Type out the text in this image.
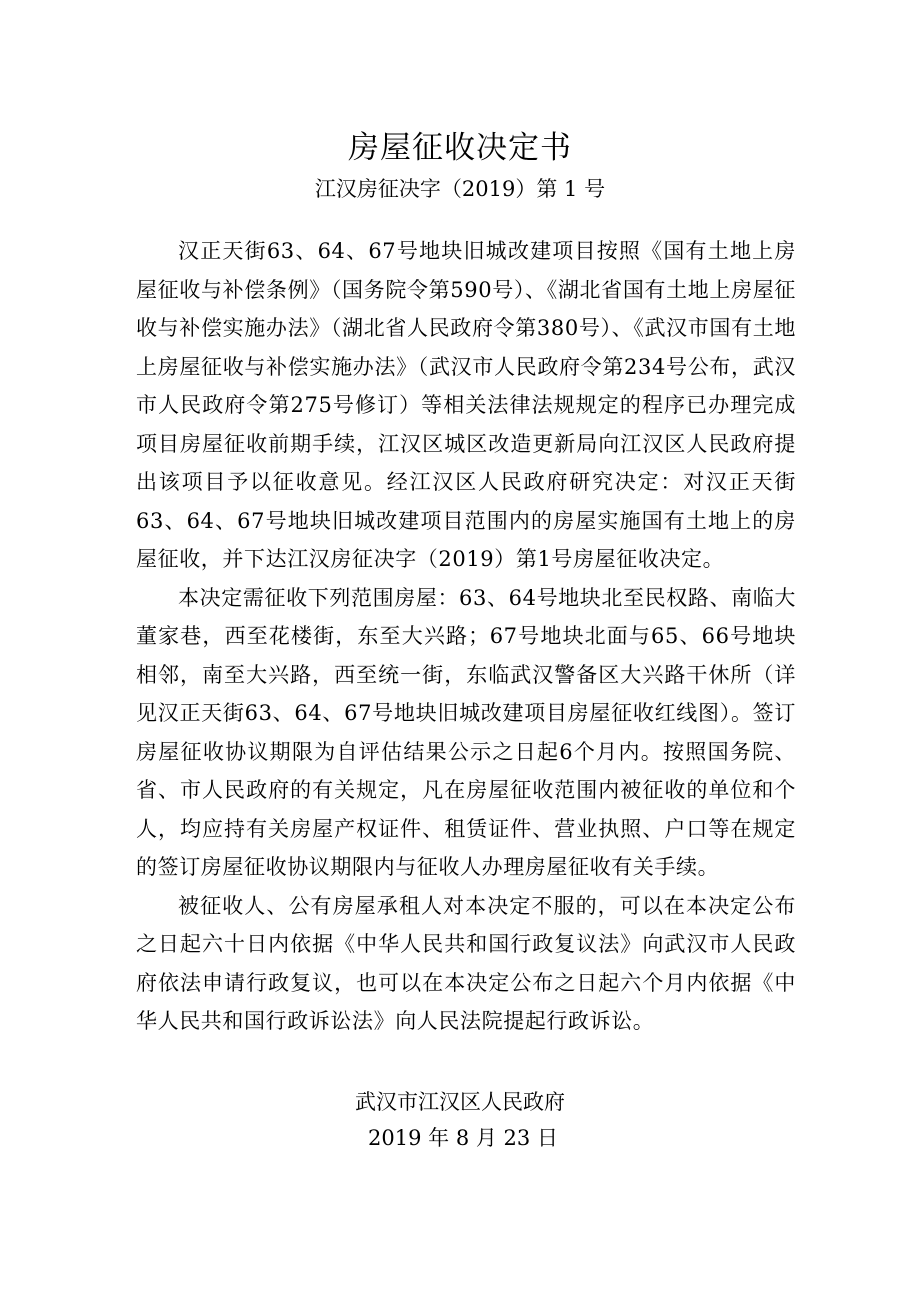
房屋征收决定书
江汉房征决字（2019）第 1 号

汉正天街63、64、67号地块旧城改建项目按照《国有土地上房屋征收与补偿条例》（国务院令第590号）、《湖北省国有土地上房屋征收与补偿实施办法》（湖北省人民政府令第380号）、《武汉市国有土地上房屋征收与补偿实施办法》（武汉市人民政府令第234号公布，武汉市人民政府令第275号修订）等相关法律法规规定的程序已办理完成项目房屋征收前期手续，江汉区城区改造更新局向江汉区人民政府提出该项目予以征收意见。经江汉区人民政府研究决定：对汉正天街63、64、67号地块旧城改建项目范围内的房屋实施国有土地上的房屋征收，并下达江汉房征决字（2019）第1号房屋征收决定。

本决定需征收下列范围房屋：63、64号地块北至民权路、南临大董家巷，西至花楼街，东至大兴路；67号地块北面与65、66号地块相邻，南至大兴路，西至统一街，东临武汉警备区大兴路干休所（详见汉正天街63、64、67号地块旧城改建项目房屋征收红线图）。签订房屋征收协议期限为自评估结果公示之日起6个月内。按照国务院、省、市人民政府的有关规定，凡在房屋征收范围内被征收的单位和个人，均应持有关房屋产权证件、租赁证件、营业执照、户口等在规定的签订房屋征收协议期限内与征收人办理房屋征收有关手续。

被征收人、公有房屋承租人对本决定不服的，可以在本决定公布之日起六十日内依据《中华人民共和国行政复议法》向武汉市人民政府依法申请行政复议，也可以在本决定公布之日起六个月内依据《中华人民共和国行政诉讼法》向人民法院提起行政诉讼。

武汉市江汉区人民政府
2019 年 8 月 23 日
